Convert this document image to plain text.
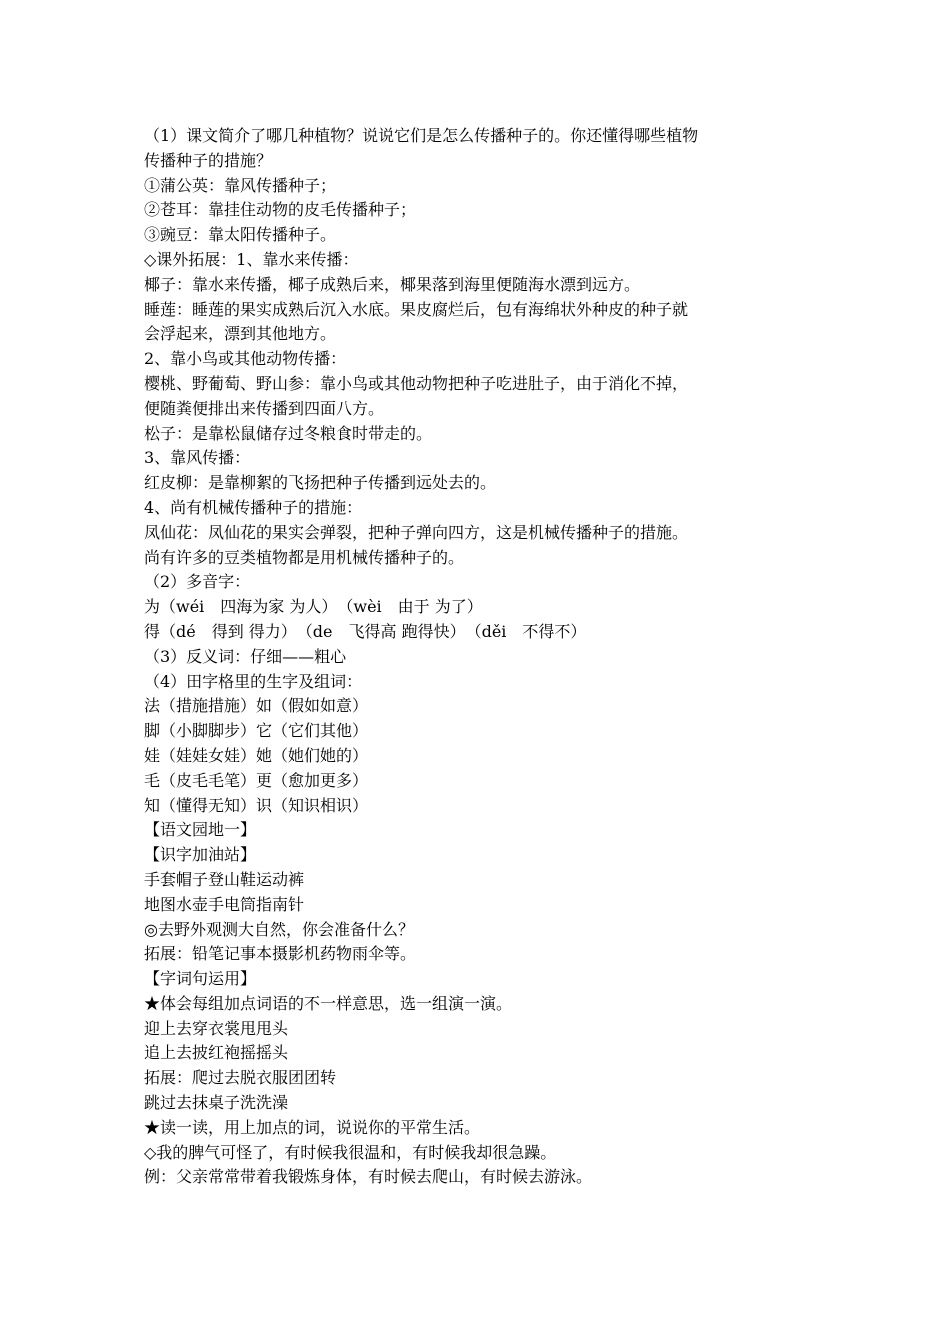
（1）课文简介了哪几种植物？说说它们是怎么传播种子的。你还懂得哪些植物
传播种子的措施？
①蒲公英：靠风传播种子；
②苍耳：靠挂住动物的皮毛传播种子；
③豌豆：靠太阳传播种子。
◇课外拓展：1、靠水来传播：
椰子：靠水来传播，椰子成熟后来，椰果落到海里便随海水漂到远方。
睡莲：睡莲的果实成熟后沉入水底。果皮腐烂后，包有海绵状外种皮的种子就
会浮起来，漂到其他地方。
2、靠小鸟或其他动物传播：
樱桃、野葡萄、野山参：靠小鸟或其他动物把种子吃进肚子，由于消化不掉，
便随粪便排出来传播到四面八方。
松子：是靠松鼠储存过冬粮食时带走的。
3、靠风传播：
红皮柳：是靠柳絮的飞扬把种子传播到远处去的。
4、尚有机械传播种子的措施：
凤仙花：凤仙花的果实会弹裂，把种子弹向四方，这是机械传播种子的措施。
尚有许多的豆类植物都是用机械传播种子的。
（2）多音字：
为（wéi　四海为家 为人）　（wèi　由于 为了）
得（dé　得到 得力）　（de　飞得高 跑得快）　（děi　不得不）
（3）反义词：仔细——粗心
（4）田字格里的生字及组词：
法（措施措施）如（假如如意）
脚（小脚脚步）它（它们其他）
娃（娃娃女娃）她（她们她的）
毛（皮毛毛笔）更（愈加更多）
知（懂得无知）识（知识相识）
【语文园地一】
【识字加油站】
手套帽子登山鞋运动裤
地图水壶手电筒指南针
◎去野外观测大自然，你会准备什么？
拓展：铅笔记事本摄影机药物雨伞等。
【字词句运用】
★体会每组加点词语的不一样意思，选一组演一演。
迎上去穿衣裳甩甩头
追上去披红袍摇摇头
拓展：爬过去脱衣服团团转
跳过去抹桌子洗洗澡
★读一读，用上加点的词，说说你的平常生活。
◇我的脾气可怪了，有时候我很温和，有时候我却很急躁。
例：父亲常常带着我锻炼身体，有时候去爬山，有时候去游泳。
